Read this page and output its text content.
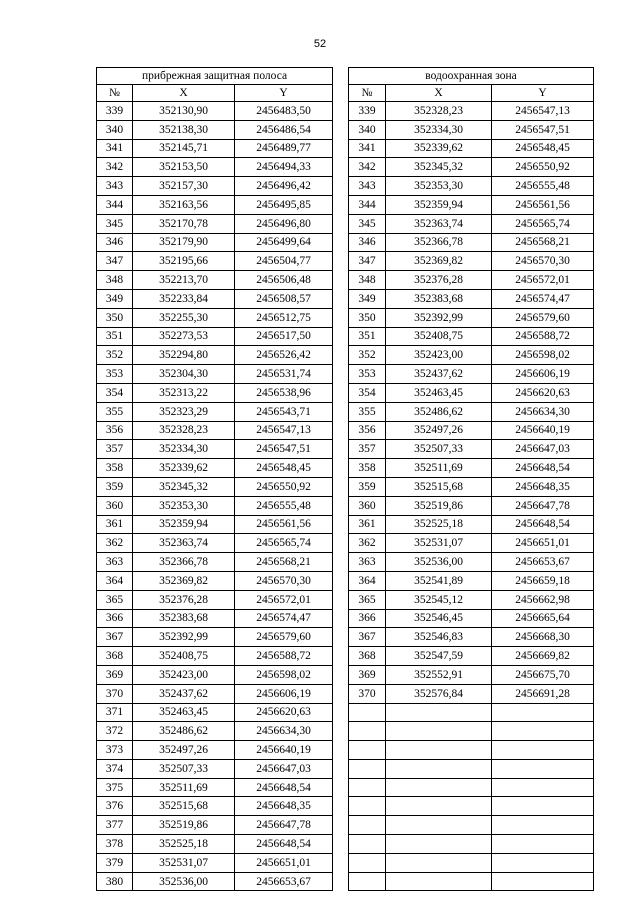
52
прибрежная защитная полоса				водоохранная зона		
№	X	Y		№	X	Y
339	352130,90	2456483,50		339	352328,23	2456547,13
340	352138,30	2456486,54		340	352334,30	2456547,51
341	352145,71	2456489,77		341	352339,62	2456548,45
342	352153,50	2456494,33		342	352345,32	2456550,92
343	352157,30	2456496,42		343	352353,30	2456555,48
344	352163,56	2456495,85		344	352359,94	2456561,56
345	352170,78	2456496,80		345	352363,74	2456565,74
346	352179,90	2456499,64		346	352366,78	2456568,21
347	352195,66	2456504,77		347	352369,82	2456570,30
348	352213,70	2456506,48		348	352376,28	2456572,01
349	352233,84	2456508,57		349	352383,68	2456574,47
350	352255,30	2456512,75		350	352392,99	2456579,60
351	352273,53	2456517,50		351	352408,75	2456588,72
352	352294,80	2456526,42		352	352423,00	2456598,02
353	352304,30	2456531,74		353	352437,62	2456606,19
354	352313,22	2456538,96		354	352463,45	2456620,63
355	352323,29	2456543,71		355	352486,62	2456634,30
356	352328,23	2456547,13		356	352497,26	2456640,19
357	352334,30	2456547,51		357	352507,33	2456647,03
358	352339,62	2456548,45		358	352511,69	2456648,54
359	352345,32	2456550,92		359	352515,68	2456648,35
360	352353,30	2456555,48		360	352519,86	2456647,78
361	352359,94	2456561,56		361	352525,18	2456648,54
362	352363,74	2456565,74		362	352531,07	2456651,01
363	352366,78	2456568,21		363	352536,00	2456653,67
364	352369,82	2456570,30		364	352541,89	2456659,18
365	352376,28	2456572,01		365	352545,12	2456662,98
366	352383,68	2456574,47		366	352546,45	2456665,64
367	352392,99	2456579,60		367	352546,83	2456668,30
368	352408,75	2456588,72		368	352547,59	2456669,82
369	352423,00	2456598,02		369	352552,91	2456675,70
370	352437,62	2456606,19		370	352576,84	2456691,28
371	352463,45	2456620,63				
372	352486,62	2456634,30				
373	352497,26	2456640,19				
374	352507,33	2456647,03				
375	352511,69	2456648,54				
376	352515,68	2456648,35				
377	352519,86	2456647,78				
378	352525,18	2456648,54				
379	352531,07	2456651,01				
380	352536,00	2456653,67				
